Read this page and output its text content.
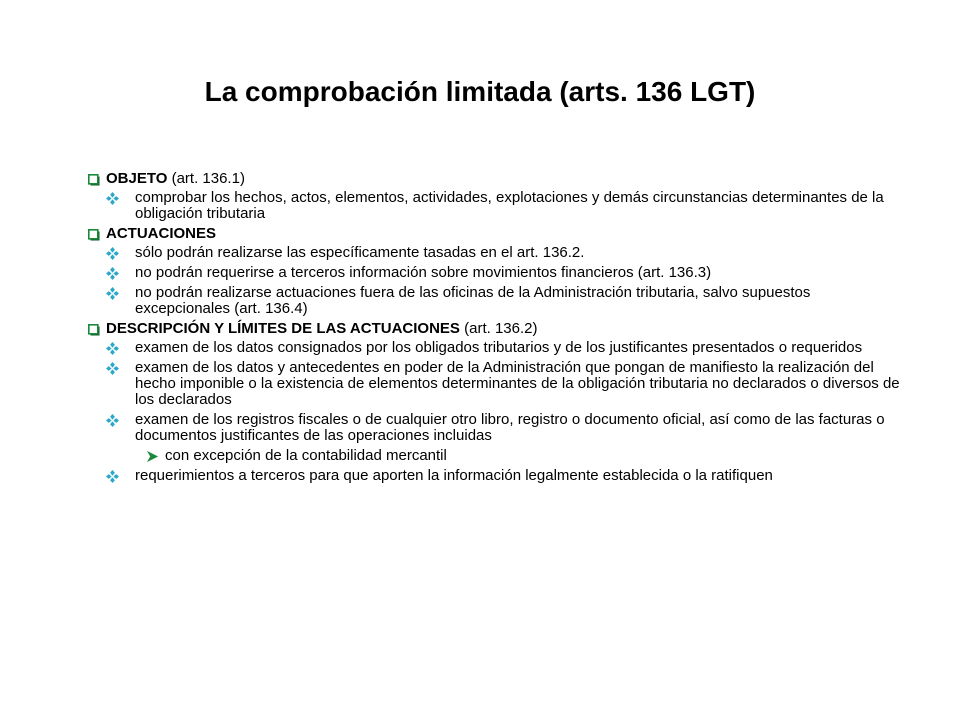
La comprobación limitada (arts. 136 LGT)
OBJETO (art. 136.1)
comprobar los hechos, actos, elementos, actividades, explotaciones y demás circunstancias determinantes de la obligación tributaria
ACTUACIONES
sólo podrán realizarse las específicamente tasadas en el art. 136.2.
no podrán requerirse a terceros información sobre movimientos financieros (art. 136.3)
no podrán realizarse actuaciones fuera de las oficinas de la Administración tributaria, salvo supuestos excepcionales (art. 136.4)
DESCRIPCIÓN Y LÍMITES DE LAS ACTUACIONES (art. 136.2)
examen de los datos consignados por los obligados tributarios y de los justificantes presentados o requeridos
examen de los datos y antecedentes en poder de la Administración que pongan de manifiesto la realización del hecho imponible o la existencia de elementos determinantes de la obligación tributaria no declarados o diversos de los declarados
examen de los registros fiscales o de cualquier otro libro, registro o documento oficial, así como de las facturas o documentos justificantes de las operaciones incluidas
con excepción de la contabilidad mercantil
requerimientos a terceros para que aporten la información legalmente establecida o la ratifiquen
